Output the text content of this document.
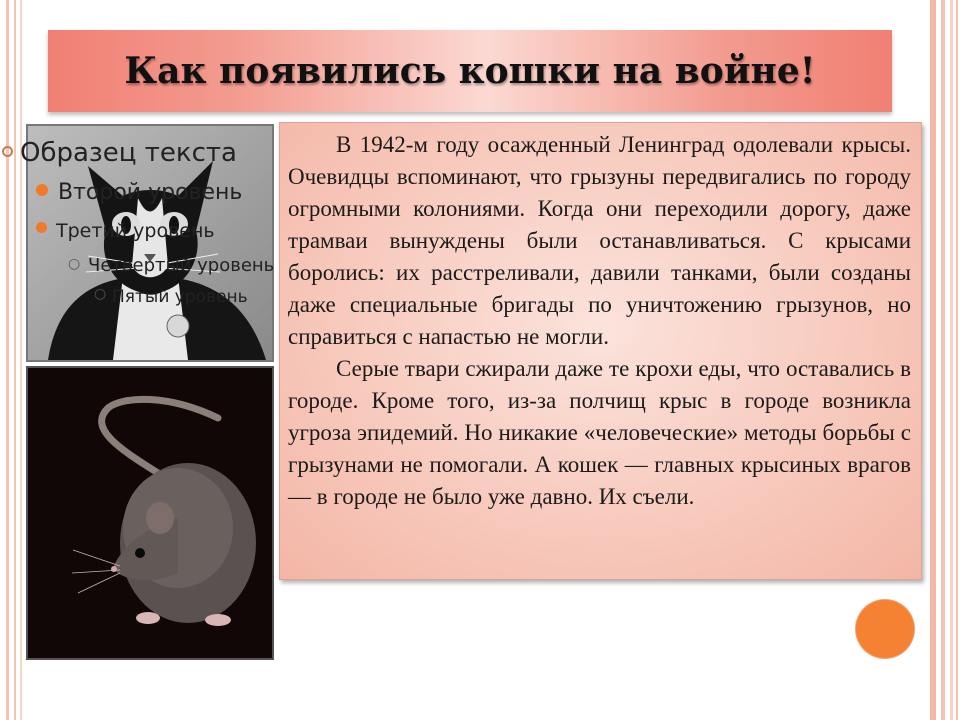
Как появились кошки на войне!
Образец текста
Второй уровень
Третий уровень
○ Четвертый уровень
○ Пятый уровень

В 1942-м году осажденный Ленинград одолевали крысы. Очевидцы вспоминают, что грызуны передвигались по городу огромными колониями. Когда они переходили дорогу, даже трамваи вынуждены были останавливаться. С крысами боролись: их расстреливали, давили танками, были созданы даже специальные бригады по уничтожению грызунов, но справиться с напастью не могли.

Серые твари сжирали даже те крохи еды, что оставались в городе. Кроме того, из-за полчищ крыс в городе возникла угроза эпидемий. Но никакие «человеческие» методы борьбы с грызунами не помогали. А кошек — главных крысиных врагов — в городе не было уже давно. Их съели.
